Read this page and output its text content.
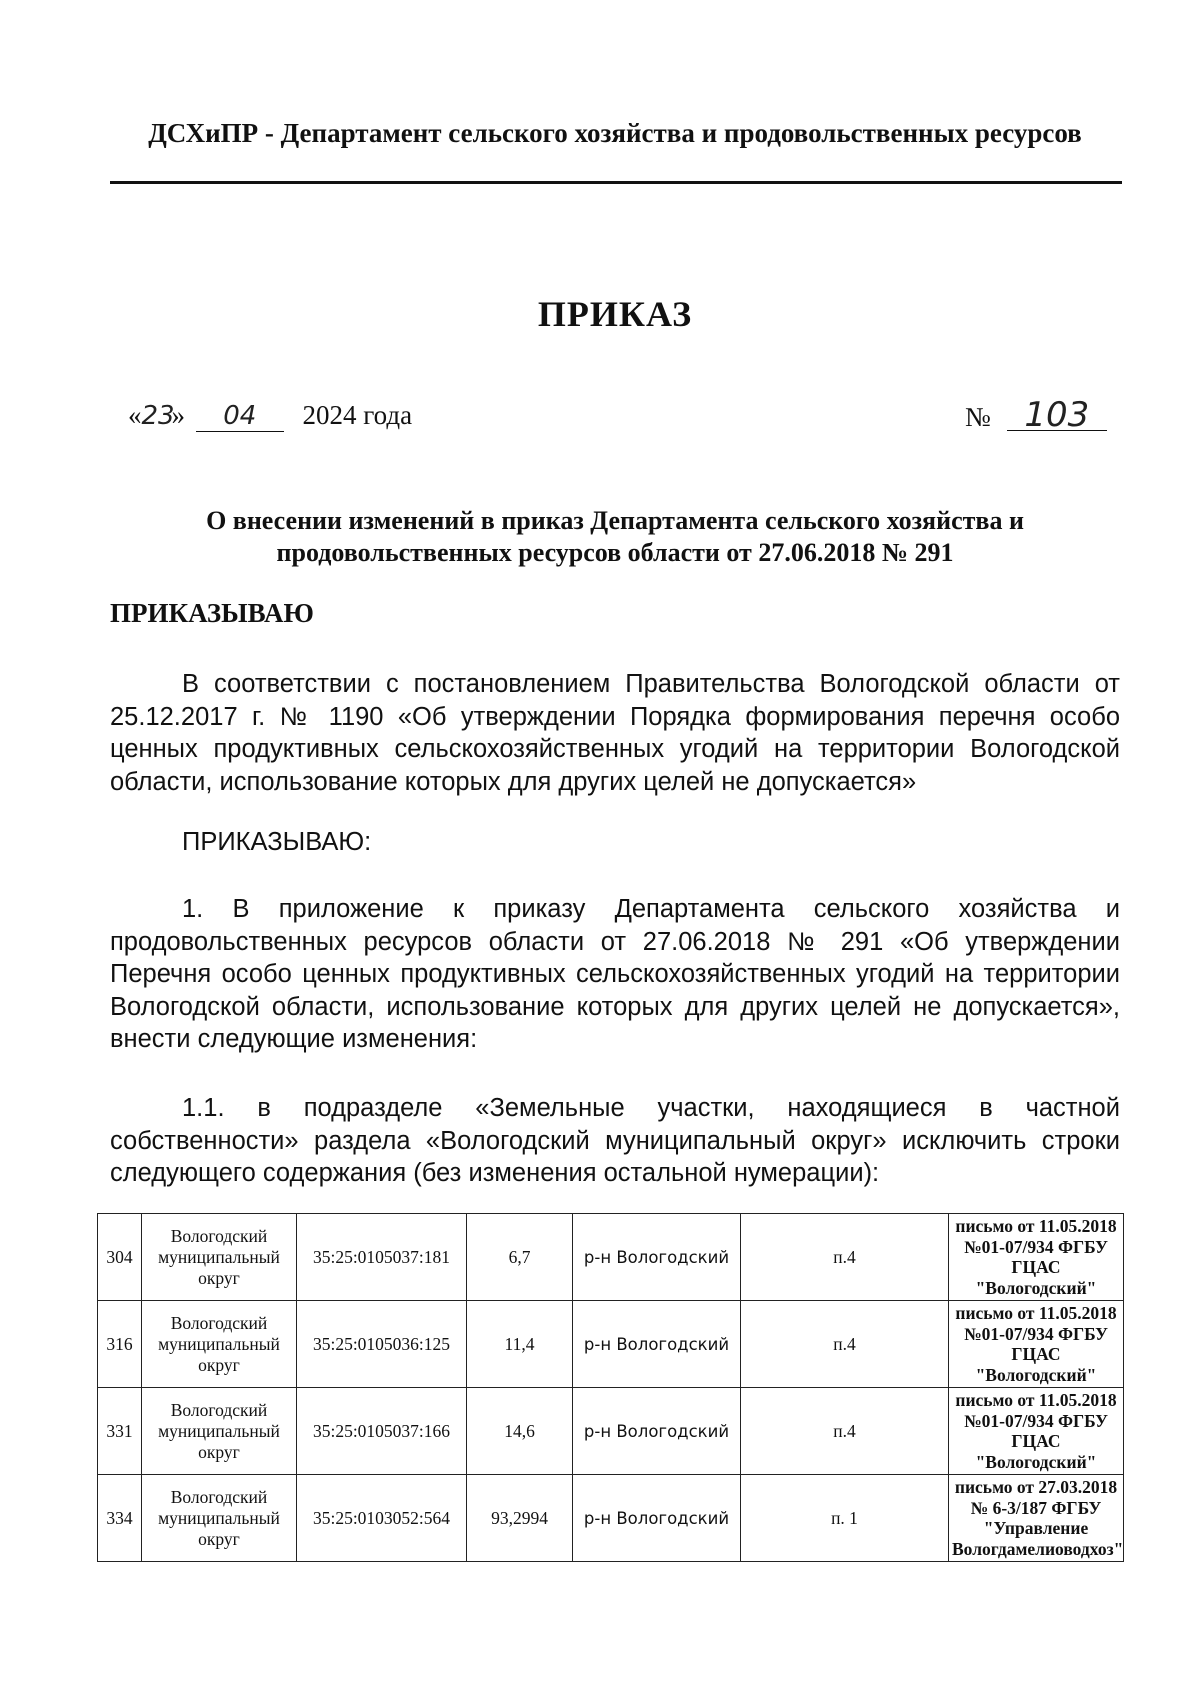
ДСХиПР - Департамент сельского хозяйства и продовольственных ресурсов
ПРИКАЗ
«23» 04 2024 года	№ 103
О внесении изменений в приказ Департамента сельского хозяйства и продовольственных ресурсов области от 27.06.2018 № 291
ПРИКАЗЫВАЮ
В соответствии с постановлением Правительства Вологодской области от 25.12.2017 г. № 1190 «Об утверждении Порядка формирования перечня особо ценных продуктивных сельскохозяйственных угодий на территории Вологодской области, использование которых для других целей не допускается»
ПРИКАЗЫВАЮ:
1. В приложение к приказу Департамента сельского хозяйства и продовольственных ресурсов области от 27.06.2018 № 291 «Об утверждении Перечня особо ценных продуктивных сельскохозяйственных угодий на территории Вологодской области, использование которых для других целей не допускается», внести следующие изменения:
1.1. в подразделе «Земельные участки, находящиеся в частной собственности» раздела «Вологодский муниципальный округ» исключить строки следующего содержания (без изменения остальной нумерации):
304	Вологодский муниципальный округ	35:25:0105037:181	6,7	р-н Вологодский	п.4	письмо от 11.05.2018 №01-07/934 ФГБУ ГЦАС "Вологодский"
316	Вологодский муниципальный округ	35:25:0105036:125	11,4	р-н Вологодский	п.4	письмо от 11.05.2018 №01-07/934 ФГБУ ГЦАС "Вологодский"
331	Вологодский муниципальный округ	35:25:0105037:166	14,6	р-н Вологодский	п.4	письмо от 11.05.2018 №01-07/934 ФГБУ ГЦАС "Вологодский"
334	Вологодский муниципальный округ	35:25:0103052:564	93,2994	р-н Вологодский	п. 1	письмо от 27.03.2018 № 6-3/187 ФГБУ "Управление Вологдамелиоводхоз"
